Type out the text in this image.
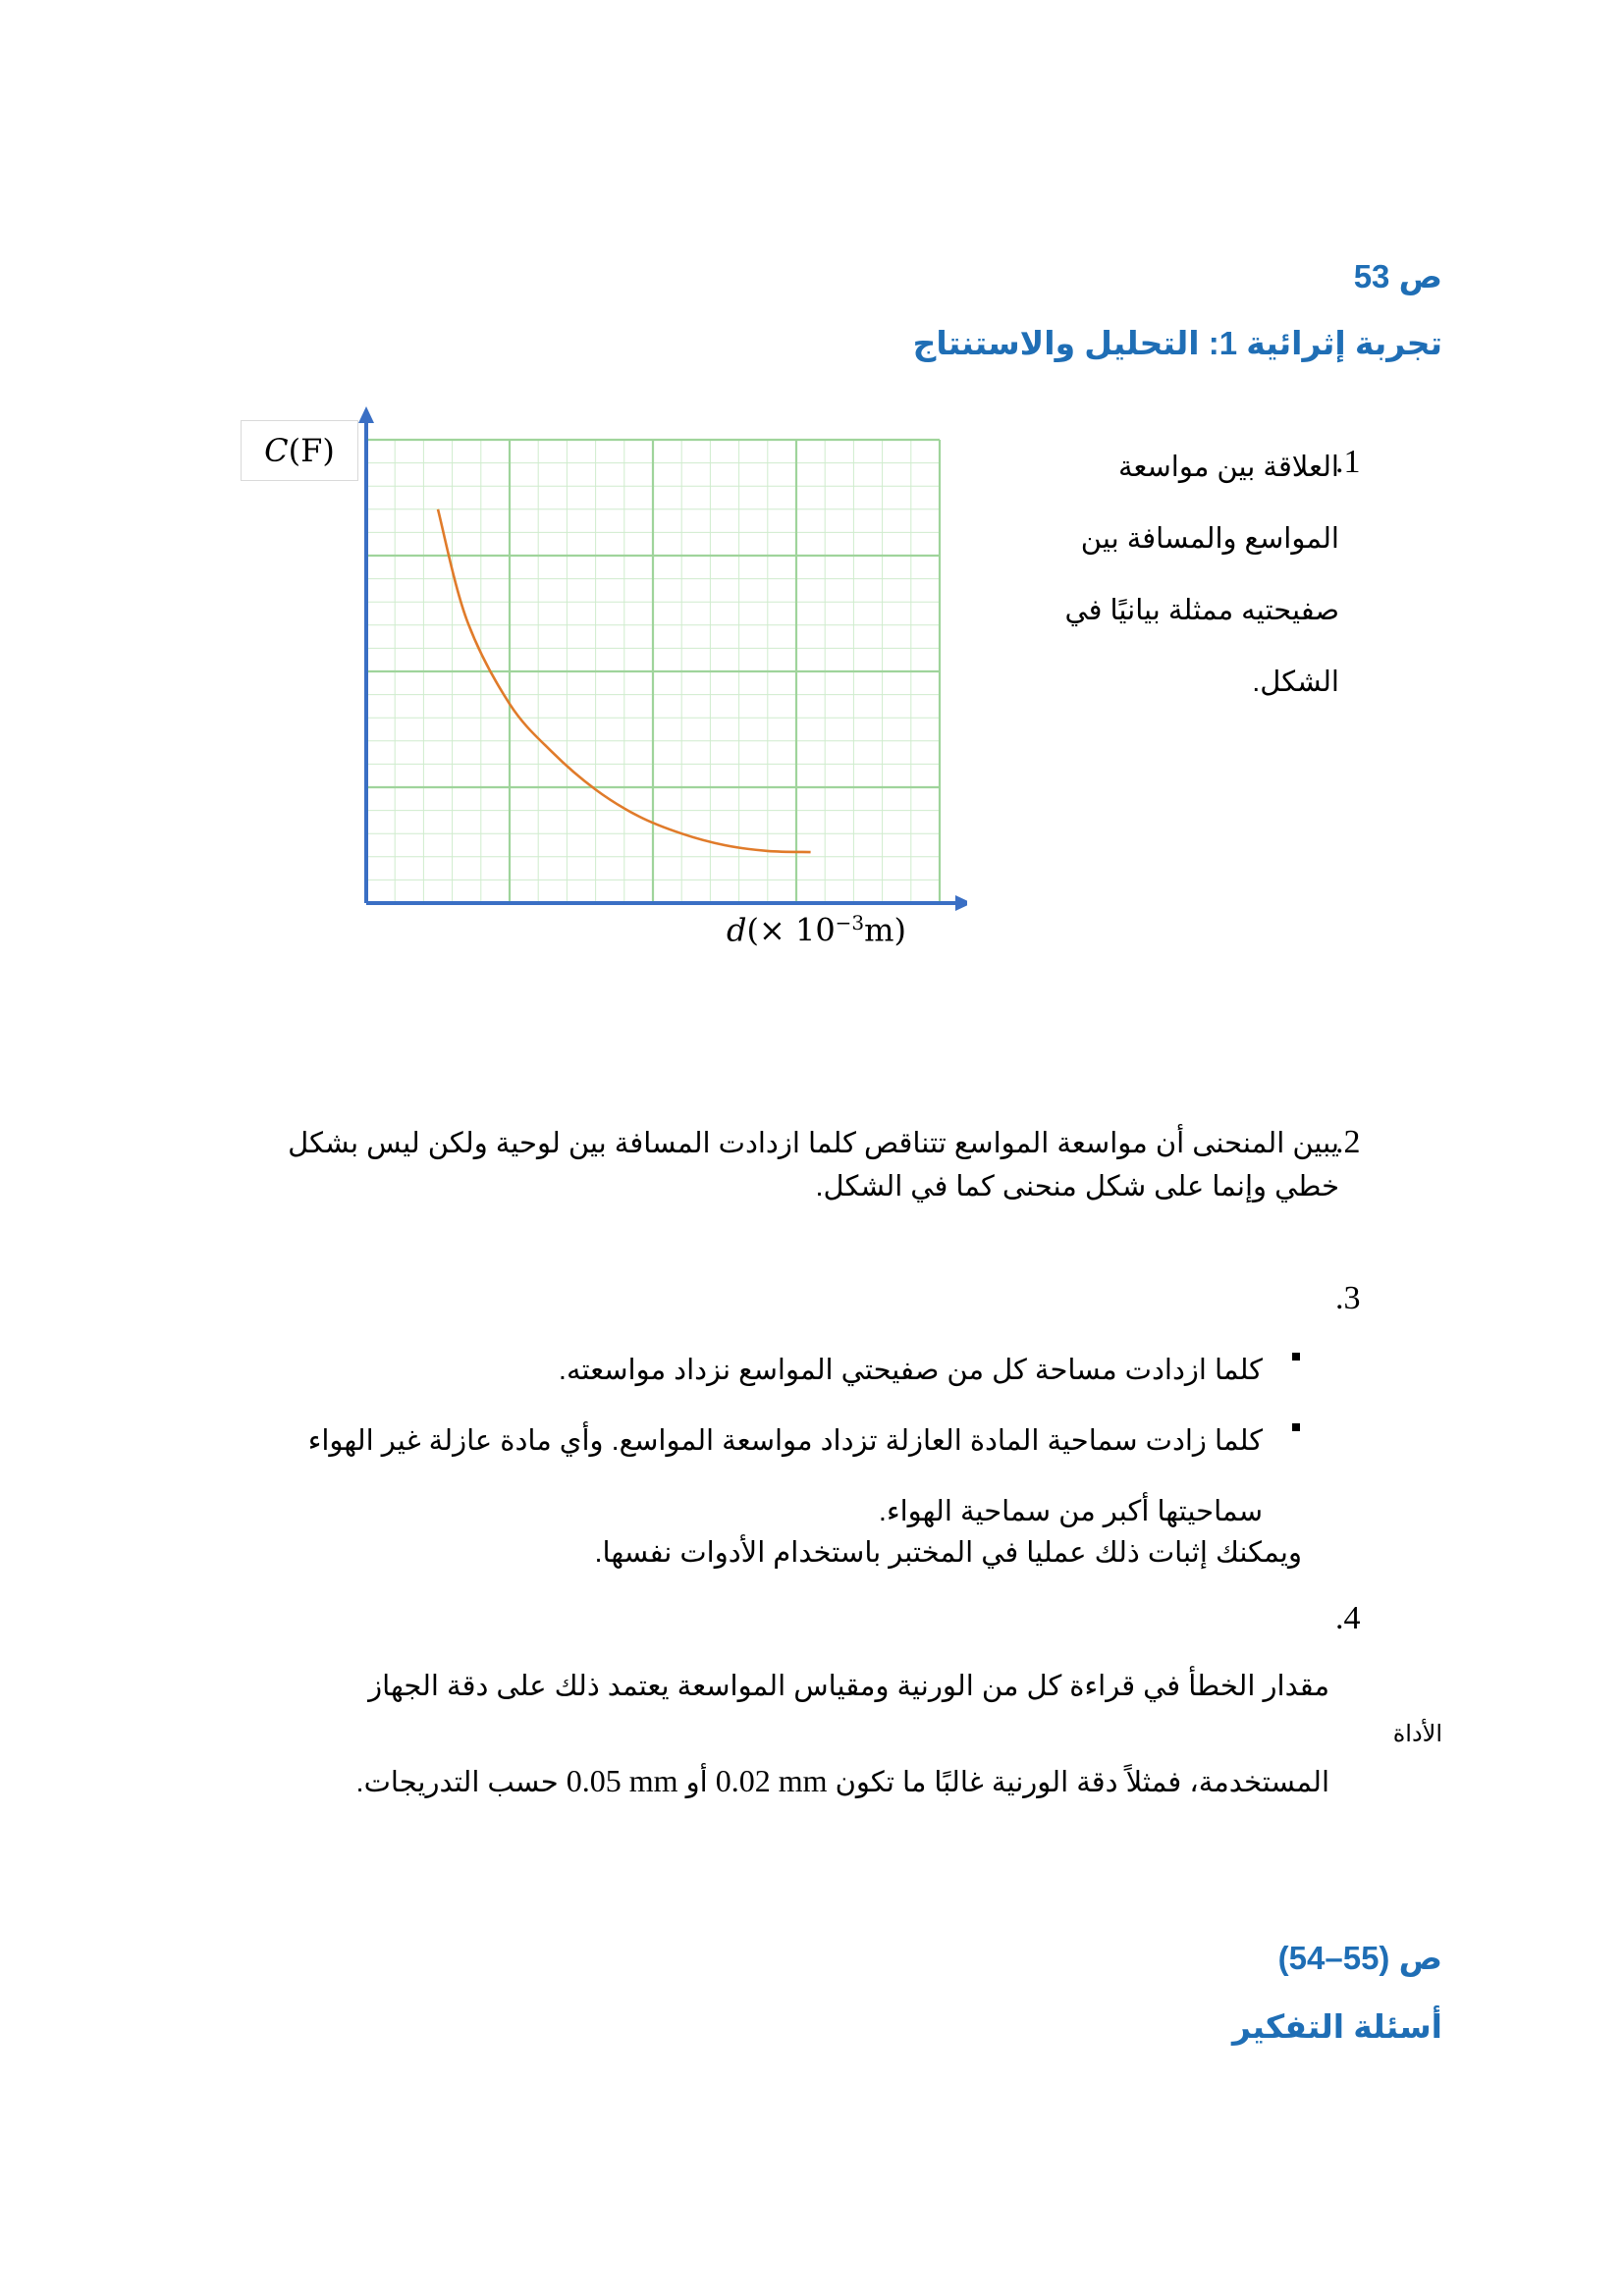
ص 53
تجربة إثرائية 1: التحليل والاستنتاج
C (F)
$d(\times 10^{-3}m)$
العلاقة بين مواسعة
المواسع والمسافة بين
صفيحتيه ممثلة بيانيًا في
الشكل.
.1
.2
يبين المنحنى أن مواسعة المواسع تتناقص كلما ازدادت المسافة بين لوحية ولكن ليس بشكل
خطي وإنما على شكل منحنى كما في الشكل.
.3
كلما ازدادت مساحة كل من صفيحتي المواسع نزداد مواسعته.
كلما زادت سماحية المادة العازلة تزداد مواسعة المواسع. وأي مادة عازلة غير الهواء
سماحيتها أكبر من سماحية الهواء.
ويمكنك إثبات ذلك عمليا في المختبر باستخدام الأدوات نفسها.
.4
مقدار الخطأ في قراءة كل من الورنية ومقياس المواسعة يعتمد ذلك على دقة الجهاز
الأداة
المستخدمة، فمثلاً دقة الورنية غالبًا ما تكون 0.02 mm أو 0.05 mm حسب التدريجات.
ص (54–55)
أسئلة التفكير
